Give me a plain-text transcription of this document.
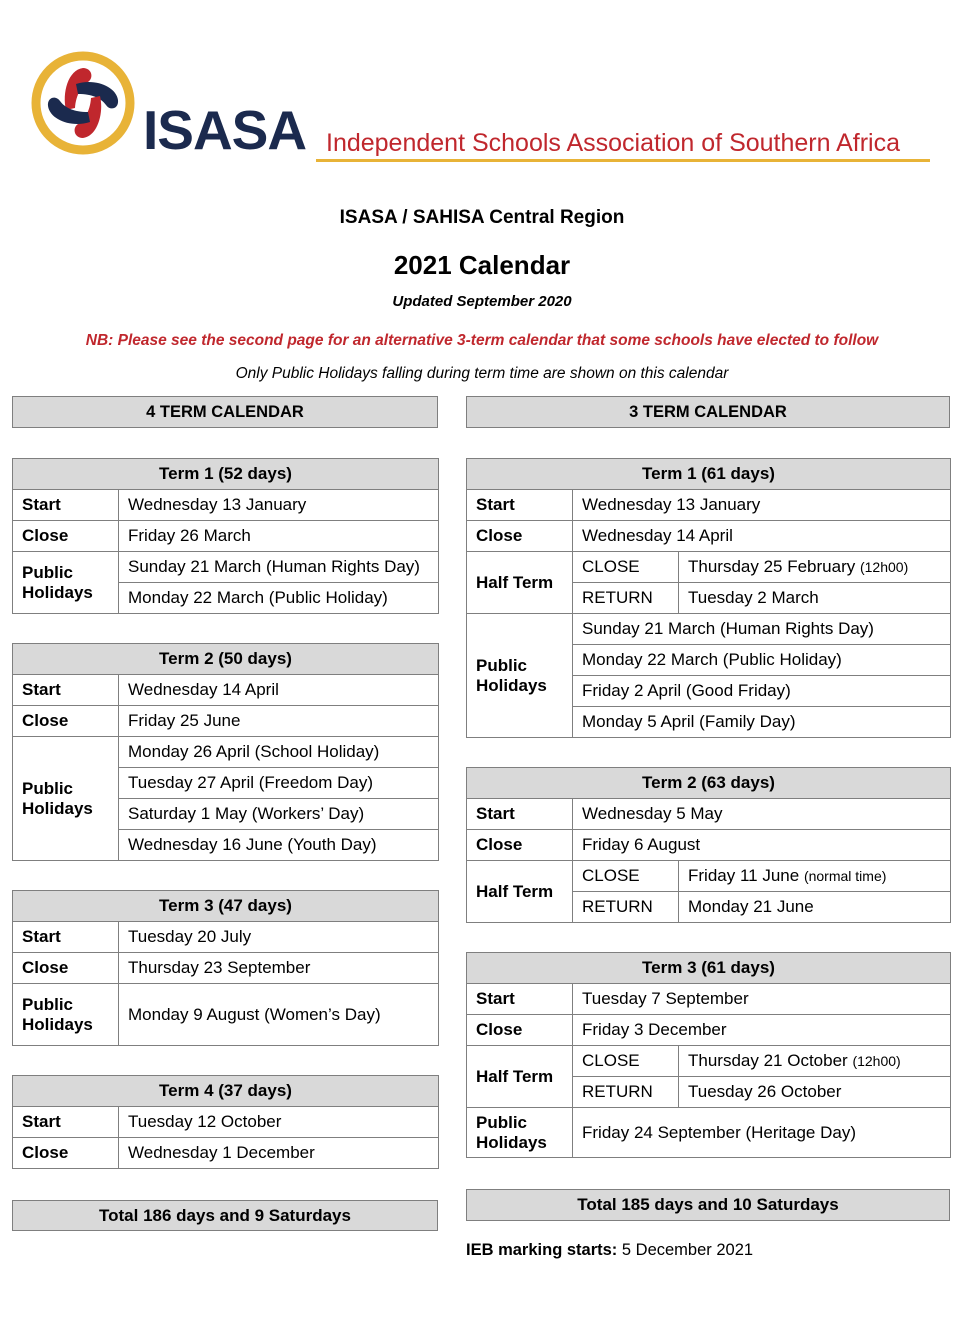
ISASA Independent Schools Association of Southern Africa
ISASA / SAHISA Central Region
2021 Calendar
Updated September 2020
NB: Please see the second page for an alternative 3-term calendar that some schools have elected to follow
Only Public Holidays falling during term time are shown on this calendar
4 TERM CALENDAR
Term 1 (52 days)	
Start	Wednesday 13 January
Close	Friday 26 March
Public
Holidays	Sunday 21 March (Human Rights Day)
	Monday 22 March (Public Holiday)
Term 2 (50 days)	
Start	Wednesday 14 April
Close	Friday 25 June
Public
Holidays	Monday 26 April (School Holiday)
	Tuesday 27 April (Freedom Day)
	Saturday 1 May (Workers’ Day)
	Wednesday 16 June (Youth Day)
Term 3 (47 days)	
Start	Tuesday 20 July
Close	Thursday 23 September
Public
Holidays	Monday 9 August (Women’s Day)
Term 4 (37 days)	
Start	Tuesday 12 October
Close	Wednesday 1 December
Total 186 days and 9 Saturdays
3 TERM CALENDAR
Term 1 (61 days)		
Start	Wednesday 13 January	
Close	Wednesday 14 April	
Half Term	CLOSE	Thursday 25 February (12h00)
	RETURN	Tuesday 2 March
Public
Holidays	Sunday 21 March (Human Rights Day)	
	Monday 22 March (Public Holiday)	
	Friday 2 April (Good Friday)	
	Monday 5 April (Family Day)	
Term 2 (63 days)		
Start	Wednesday 5 May	
Close	Friday 6 August	
Half Term	CLOSE	Friday 11 June (normal time)
	RETURN	Monday 21 June
Term 3 (61 days)		
Start	Tuesday 7 September	
Close	Friday 3 December	
Half Term	CLOSE	Thursday 21 October (12h00)
	RETURN	Tuesday 26 October
Public
Holidays	Friday 24 September (Heritage Day)	
Total 185 days and 10 Saturdays
IEB marking starts: 5 December 2021
